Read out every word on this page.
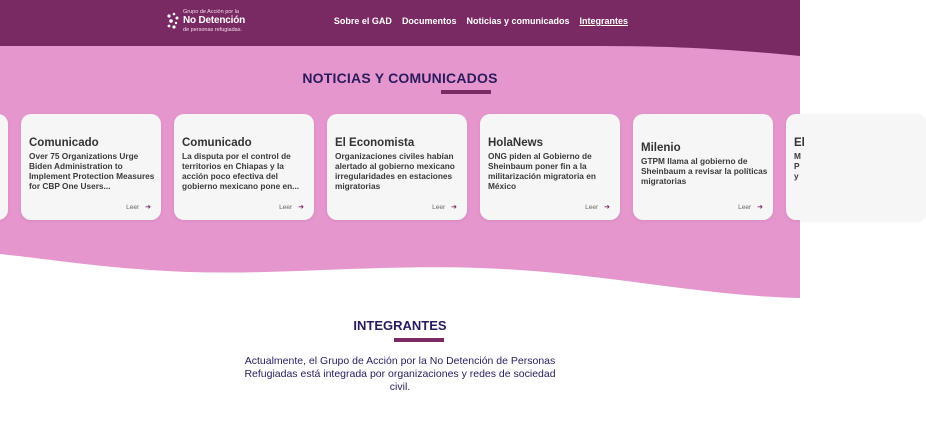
Grupo de Acción por la
No Detención
de personas refugiadas.
Sobre el GAD Documentos Noticias y comunicados Integrantes
NOTICIAS Y COMUNICADOS
Comunicado
Over 75 Organizations Urge Biden Administration to Implement Protection Measures for CBP One Users...
Leer ➜
Comunicado
La disputa por el control de territorios en Chiapas y la acción poco efectiva del gobierno mexicano pone en...
Leer ➜
El Economista
Organizaciones civiles habían alertado al gobierno mexicano irregularidades en estaciones migratorias
Leer ➜
HolaNews
ONG piden al Gobierno de Sheinbaum poner fin a la militarización migratoria en México
Leer ➜
Milenio
GTPM llama al gobierno de Sheinbaum a revisar la políticas migratorias
Leer ➜
El
M
P
y
INTEGRANTES

Actualmente, el Grupo de Acción por la No Detención de Personas Refugiadas está integrada por organizaciones y redes de sociedad civil.
